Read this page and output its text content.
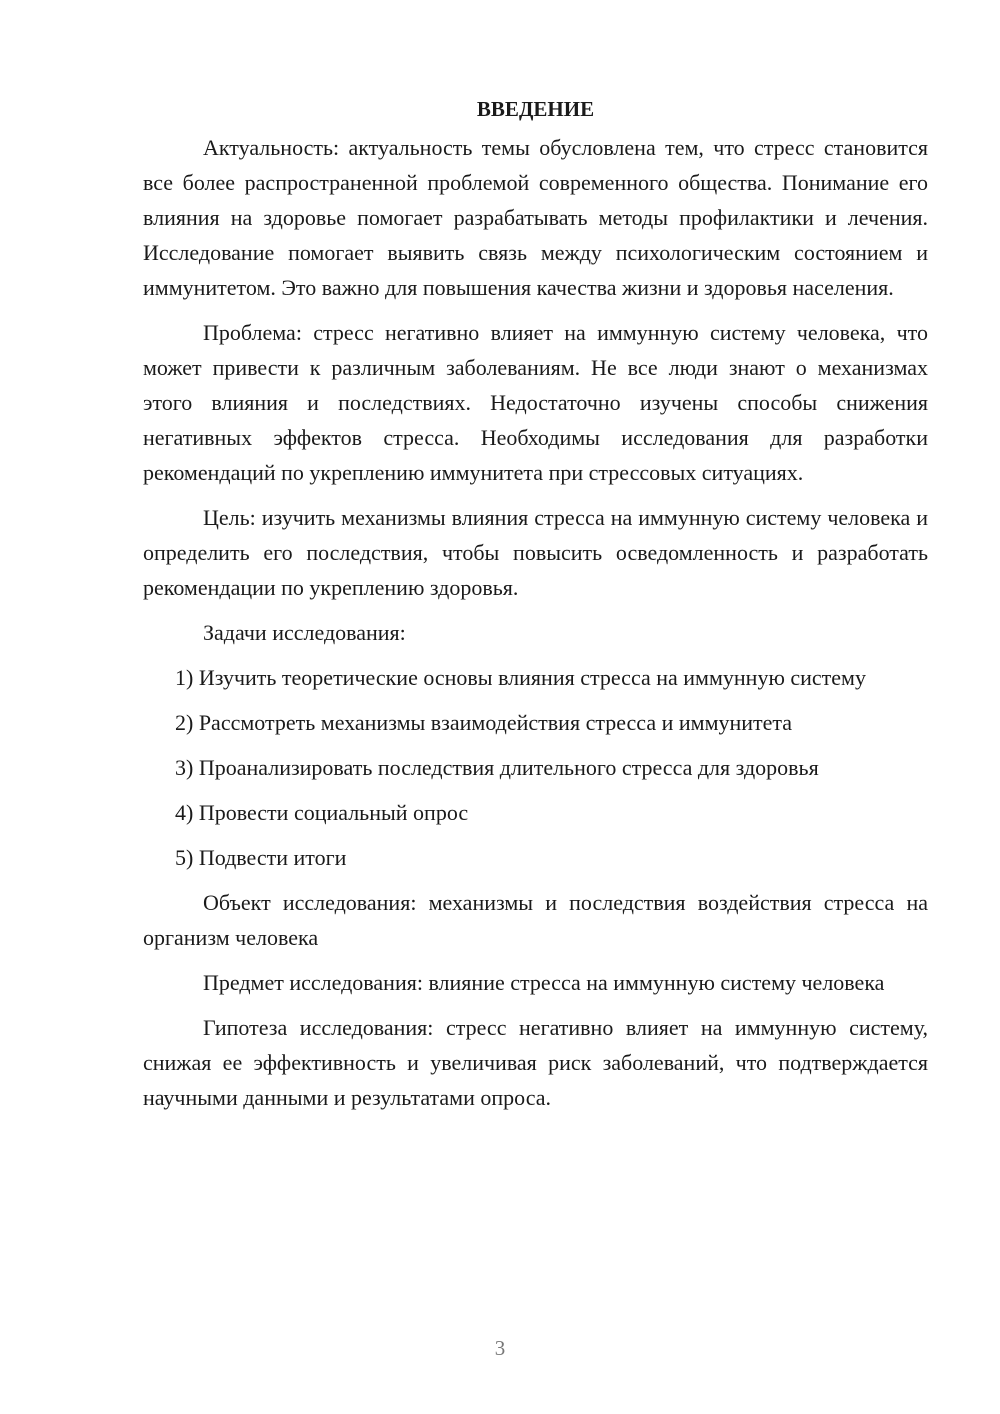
ВВЕДЕНИЕ

Актуальность: актуальность темы обусловлена тем, что стресс становится все более распространенной проблемой современного общества. Понимание его влияния на здоровье помогает разрабатывать методы профилактики и лечения. Исследование помогает выявить связь между психологическим состоянием и иммунитетом. Это важно для повышения качества жизни и здоровья населения.

Проблема: стресс негативно влияет на иммунную систему человека, что может привести к различным заболеваниям. Не все люди знают о механизмах этого влияния и последствиях. Недостаточно изучены способы снижения негативных эффектов стресса. Необходимы исследования для разработки рекомендаций по укреплению иммунитета при стрессовых ситуациях.

Цель: изучить механизмы влияния стресса на иммунную систему человека и определить его последствия, чтобы повысить осведомленность и разработать рекомендации по укреплению здоровья.

Задачи исследования:

1) Изучить теоретические основы влияния стресса на иммунную систему

2) Рассмотреть механизмы взаимодействия стресса и иммунитета

3) Проанализировать последствия длительного стресса для здоровья

4) Провести социальный опрос

5) Подвести итоги

Объект исследования: механизмы и последствия воздействия стресса на организм человека

Предмет исследования: влияние стресса на иммунную систему человека

Гипотеза исследования: стресс негативно влияет на иммунную систему, снижая ее эффективность и увеличивая риск заболеваний, что подтверждается научными данными и результатами опроса.

3
